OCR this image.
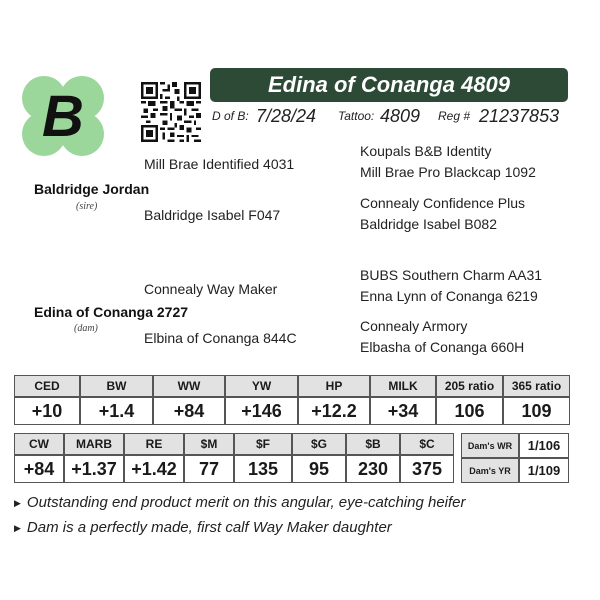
B	Edina of Conanga 4809
D of B: 7/28/24 Tattoo: 4809 Reg # 21237853
Koupals B&B Identity
Mill Brae Identified 4031	Mill Brae Pro Blackcap 1092
Baldridge Jordan
(sire)	Connealy Confidence Plus
Baldridge Isabel F047
Baldridge Isabel B082
BUBS Southern Charm AA31
Connealy Way Maker	Enna Lynn of Conanga 6219
Edina of Conanga 2727
(dam)	Connealy Armory
Elbina of Conanga 844C
Elbasha of Conanga 660H
CED	BW	WW	YW	HP	MILK	205 ratio	365 ratio
+10	+1.4	+84	+146	+12.2	+34	106	109
CW	MARB	RE	$M	$F	$G	$B	$C
+84	+1.37	+1.42	77	135	95	230	375
Dam's WR	1/106
Dam's YR	1/109
▶ Outstanding end product merit on this angular, eye-catching heifer
▶ Dam is a perfectly made, first calf Way Maker daughter
